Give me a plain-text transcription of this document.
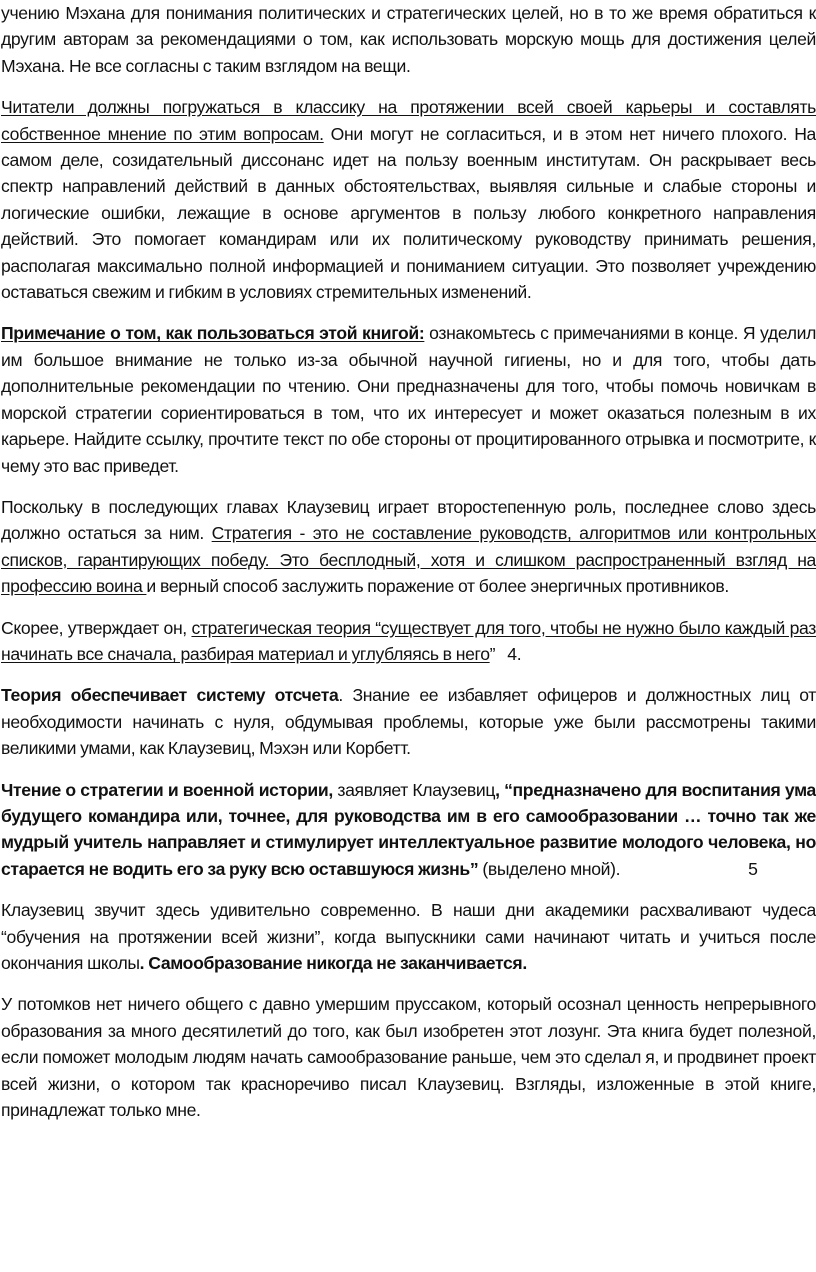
учению Мэхана для понимания политических и стратегических целей, но в то же время обратиться к другим авторам за рекомендациями о том, как использовать морскую мощь для достижения целей Мэхана. Не все согласны с таким взглядом на вещи.

Читатели должны погружаться в классику на протяжении всей своей карьеры и составлять собственное мнение по этим вопросам. Они могут не согласиться, и в этом нет ничего плохого. На самом деле, созидательный диссонанс идет на пользу военным институтам. Он раскрывает весь спектр направлений действий в данных обстоятельствах, выявляя сильные и слабые стороны и логические ошибки, лежащие в основе аргументов в пользу любого конкретного направления действий. Это помогает командирам или их политическому руководству принимать решения, располагая максимально полной информацией и пониманием ситуации. Это позволяет учреждению оставаться свежим и гибким в условиях стремительных изменений.

Примечание о том, как пользоваться этой книгой: ознакомьтесь с примечаниями в конце. Я уделил им большое внимание не только из-за обычной научной гигиены, но и для того, чтобы дать дополнительные рекомендации по чтению. Они предназначены для того, чтобы помочь новичкам в морской стратегии сориентироваться в том, что их интересует и может оказаться полезным в их карьере. Найдите ссылку, прочтите текст по обе стороны от процитированного отрывка и посмотрите, к чему это вас приведет.

Поскольку в последующих главах Клаузевиц играет второстепенную роль, последнее слово здесь должно остаться за ним. Стратегия - это не составление руководств, алгоритмов или контрольных списков, гарантирующих победу. Это бесплодный, хотя и слишком распространенный взгляд на профессию воина и верный способ заслужить поражение от более энергичных противников.

Скорее, утверждает он, стратегическая теория “существует для того, чтобы не нужно было каждый раз начинать все сначала, разбирая материал и углубляясь в него” 4.

Теория обеспечивает систему отсчета. Знание ее избавляет офицеров и должностных лиц от необходимости начинать с нуля, обдумывая проблемы, которые уже были рассмотрены такими великими умами, как Клаузевиц, Мэхэн или Корбетт.

Чтение о стратегии и военной истории, заявляет Клаузевиц, “предназначено для воспитания ума будущего командира или, точнее, для руководства им в его самообразовании … точно так же мудрый учитель направляет и стимулирует интеллектуальное развитие молодого человека, но старается не водить его за руку всю оставшуюся жизнь” (выделено мной).	5

Клаузевиц звучит здесь удивительно современно. В наши дни академики расхваливают чудеса “обучения на протяжении всей жизни”, когда выпускники сами начинают читать и учиться после окончания школы. Самообразование никогда не заканчивается.

У потомков нет ничего общего с давно умершим пруссаком, который осознал ценность непрерывного образования за много десятилетий до того, как был изобретен этот лозунг. Эта книга будет полезной, если поможет молодым людям начать самообразование раньше, чем это сделал я, и продвинет проект всей жизни, о котором так красноречиво писал Клаузевиц. Взгляды, изложенные в этой книге, принадлежат только мне.
